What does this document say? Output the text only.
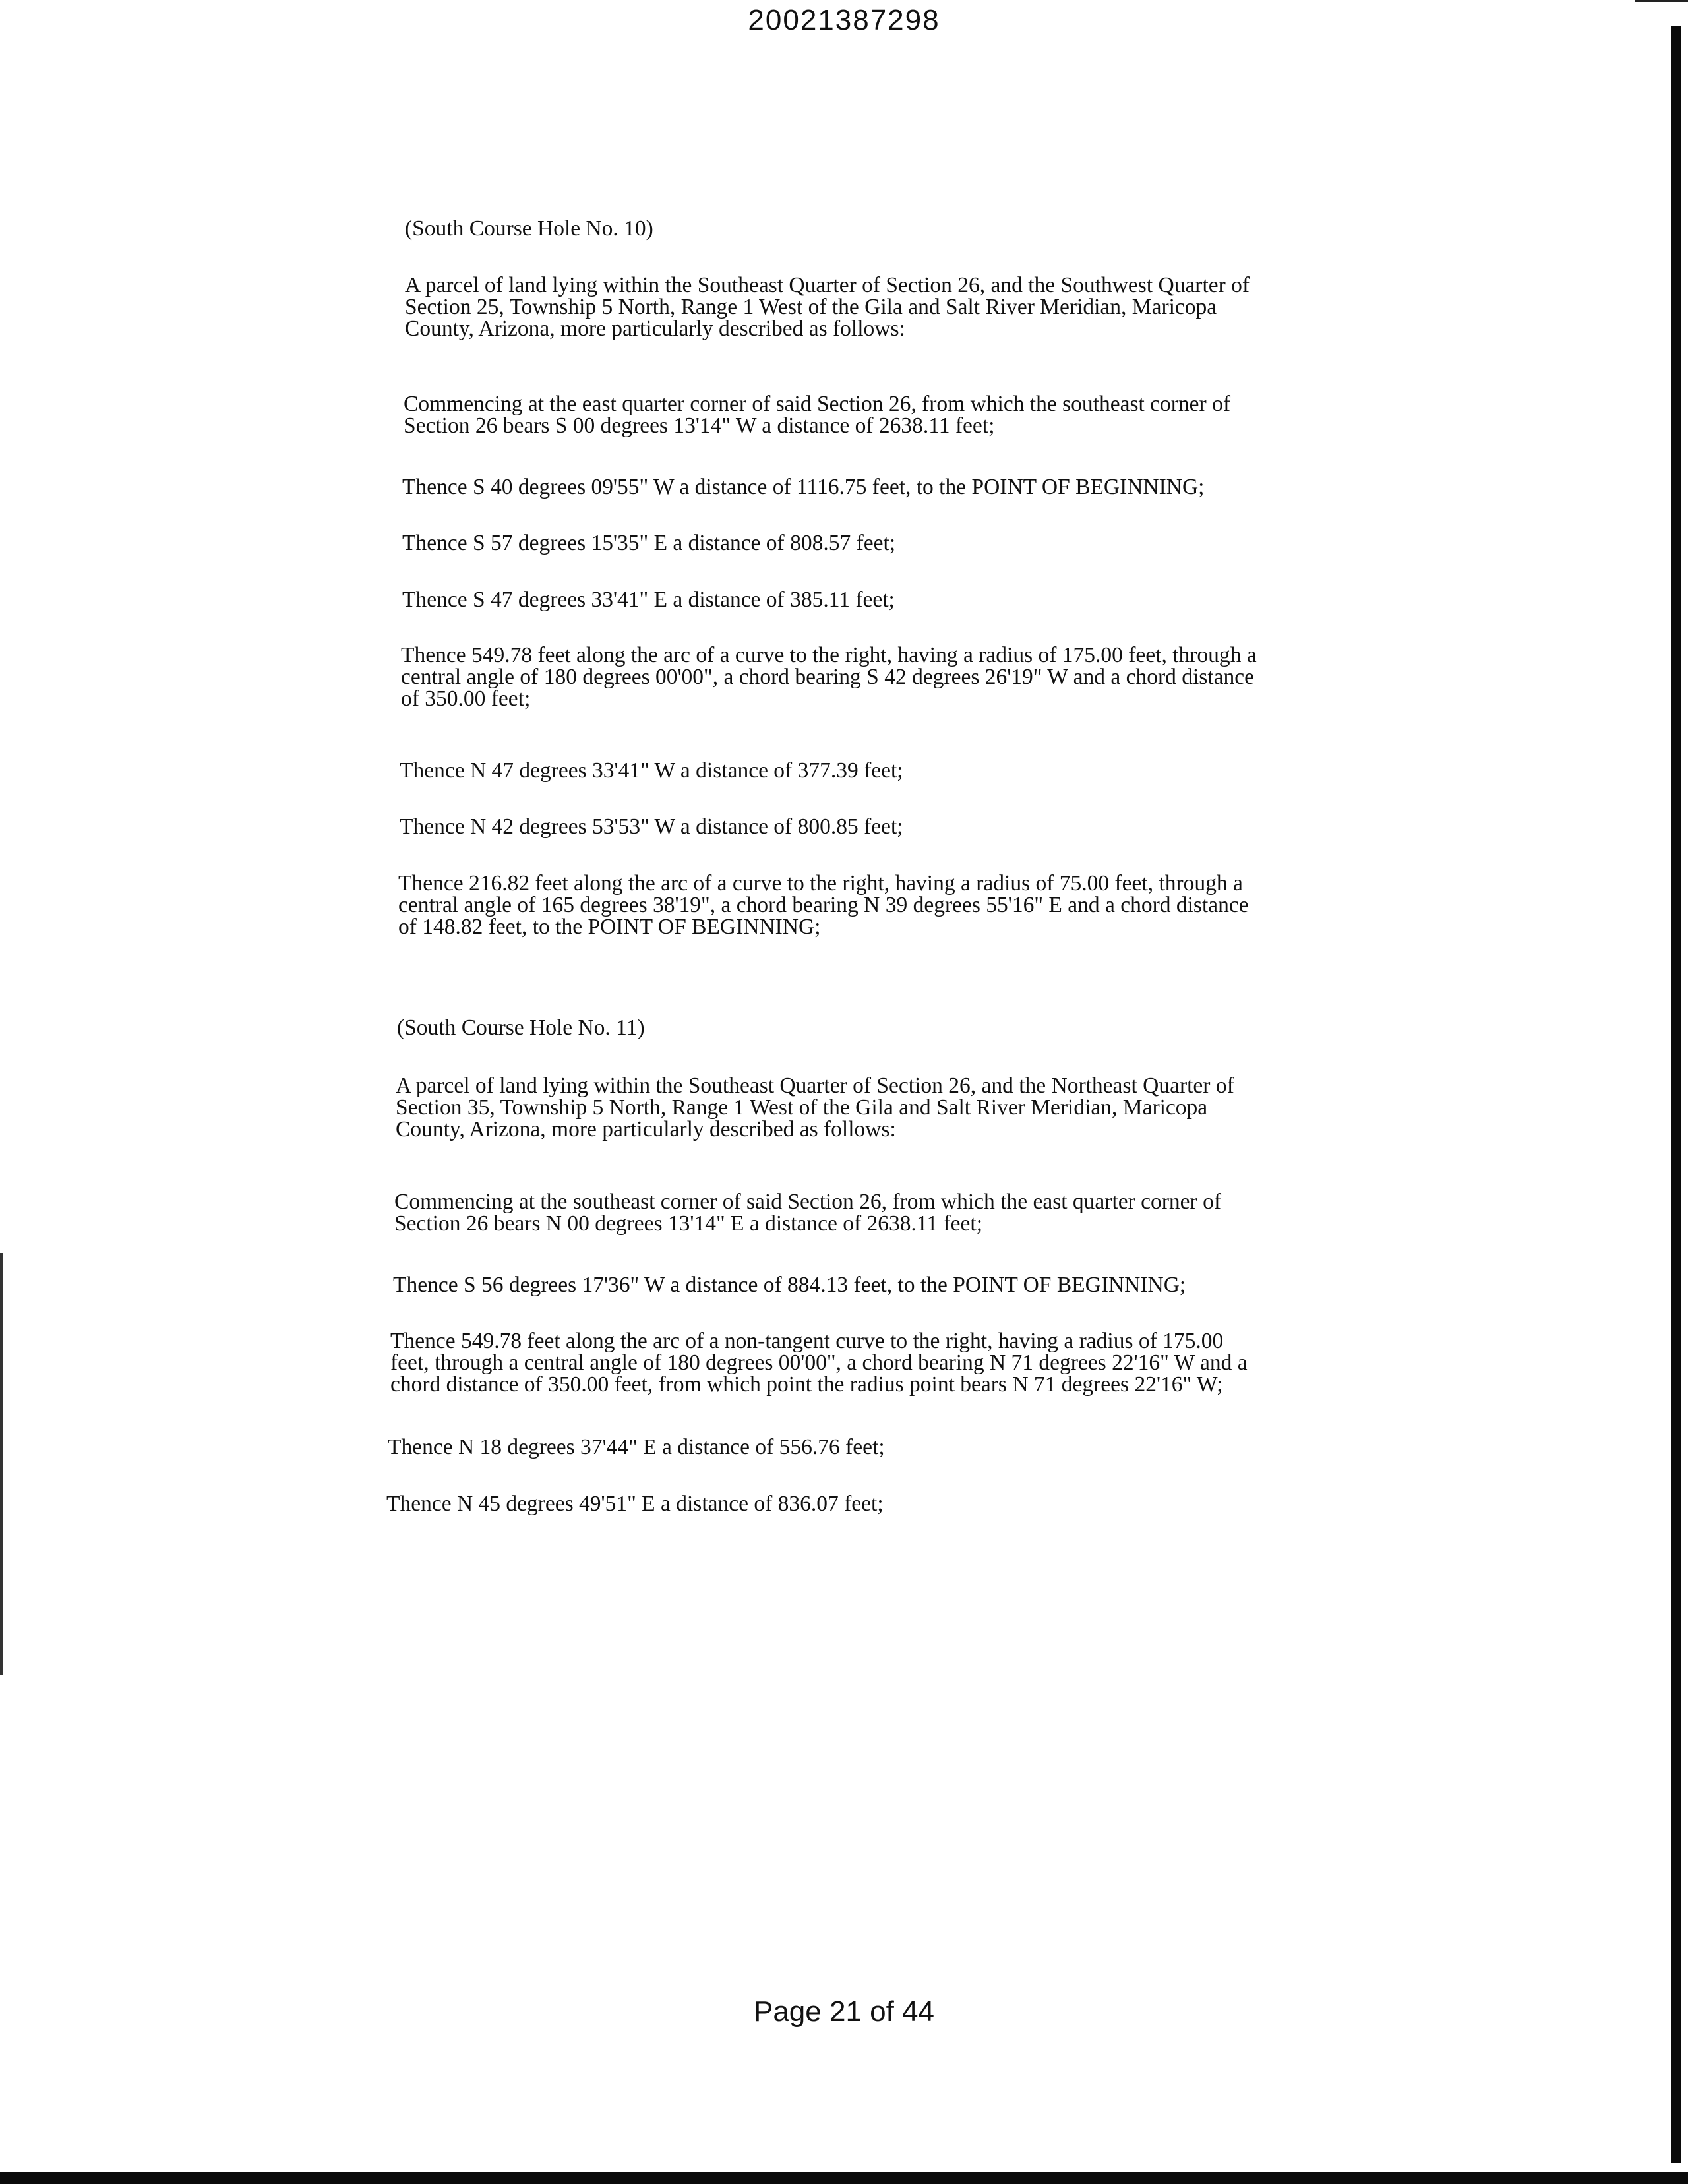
20021387298
(South Course Hole No. 10)
A parcel of land lying within the Southeast Quarter of Section 26, and the Southwest Quarter of
Section 25, Township 5 North, Range 1 West of the Gila and Salt River Meridian, Maricopa
County, Arizona, more particularly described as follows:
Commencing at the east quarter corner of said Section 26, from which the southeast corner of
Section 26 bears S 00 degrees 13'14" W a distance of 2638.11 feet;
Thence S 40 degrees 09'55" W a distance of 1116.75 feet, to the POINT OF BEGINNING;
Thence S 57 degrees 15'35" E a distance of 808.57 feet;
Thence S 47 degrees 33'41" E a distance of 385.11 feet;
Thence 549.78 feet along the arc of a curve to the right, having a radius of 175.00 feet, through a
central angle of 180 degrees 00'00", a chord bearing S 42 degrees 26'19" W and a chord distance
of 350.00 feet;
Thence N 47 degrees 33'41" W a distance of 377.39 feet;
Thence N 42 degrees 53'53" W a distance of 800.85 feet;
Thence 216.82 feet along the arc of a curve to the right, having a radius of 75.00 feet, through a
central angle of 165 degrees 38'19", a chord bearing N 39 degrees 55'16" E and a chord distance
of 148.82 feet, to the POINT OF BEGINNING;
(South Course Hole No. 11)
A parcel of land lying within the Southeast Quarter of Section 26, and the Northeast Quarter of
Section 35, Township 5 North, Range 1 West of the Gila and Salt River Meridian, Maricopa
County, Arizona, more particularly described as follows:
Commencing at the southeast corner of said Section 26, from which the east quarter corner of
Section 26 bears N 00 degrees 13'14" E a distance of 2638.11 feet;
Thence S 56 degrees 17'36" W a distance of 884.13 feet, to the POINT OF BEGINNING;
Thence 549.78 feet along the arc of a non-tangent curve to the right, having a radius of 175.00
feet, through a central angle of 180 degrees 00'00", a chord bearing N 71 degrees 22'16" W and a
chord distance of 350.00 feet, from which point the radius point bears N 71 degrees 22'16" W;
Thence N 18 degrees 37'44" E a distance of 556.76 feet;
Thence N 45 degrees 49'51" E a distance of 836.07 feet;
Page 21 of 44
